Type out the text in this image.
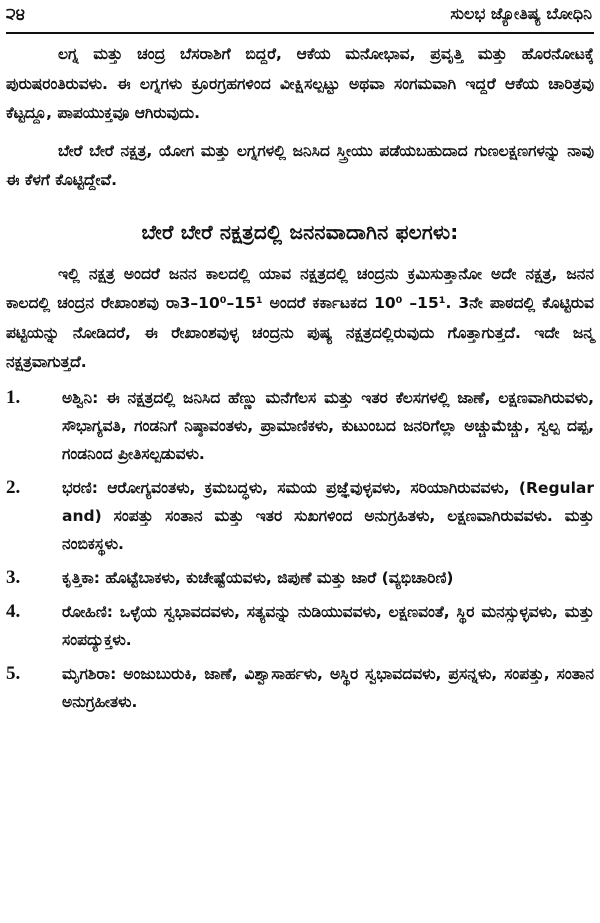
੨੪	ಸುಲಭ ಜ್ಯೋತಿಷ್ಯ ಬೋಧಿನಿ

ಲಗ್ನ ಮತ್ತು ಚಂದ್ರ ಬೆಸರಾಶಿಗೆ ಬಿದ್ದರೆ, ಆಕೆಯ ಮನೋಭಾವ, ಪ್ರವೃತ್ತಿ ಮತ್ತು ಹೊರನೋಟಕ್ಕೆ ಪುರುಷರಂತಿರುವಳು. ಈ ಲಗ್ನಗಳು ಕ್ರೂರಗ್ರಹಗಳಿಂದ ವೀಕ್ಷಿಸಲ್ಪಟ್ಟು ಅಥವಾ ಸಂಗಮವಾಗಿ ಇದ್ದರೆ ಆಕೆಯ ಚಾರಿತ್ರವು ಕೆಟ್ಟದ್ದೂ, ಪಾಪಯುಕ್ತವೂ ಆಗಿರುವುದು.

ಬೇರೆ ಬೇರೆ ನಕ್ಷತ್ರ, ಯೋಗ ಮತ್ತು ಲಗ್ನಗಳಲ್ಲಿ ಜನಿಸಿದ ಸ್ತ್ರೀಯು ಪಡೆಯಬಹುದಾದ ಗುಣಲಕ್ಷಣಗಳನ್ನು ನಾವು ಈ ಕೆಳಗೆ ಕೊಟ್ಟಿದ್ದೇವೆ.

ಬೇರೆ ಬೇರೆ ನಕ್ಷತ್ರದಲ್ಲಿ ಜನನವಾದಾಗಿನ ಫಲಗಳು:

ಇಲ್ಲಿ ನಕ್ಷತ್ರ ಅಂದರೆ ಜನನ ಕಾಲದಲ್ಲಿ ಯಾವ ನಕ್ಷತ್ರದಲ್ಲಿ ಚಂದ್ರನು ಕ್ರಮಿಸುತ್ತಾನೋ ಅದೇ ನಕ್ಷತ್ರ, ಜನನ ಕಾಲದಲ್ಲಿ ಚಂದ್ರನ ರೇಖಾಂಶವು ರಾ3–10⁰–15¹ ಅಂದರೆ ಕರ್ಕಾಟಕದ 10⁰ –15¹. 3ನೇ ಪಾಠದಲ್ಲಿ ಕೊಟ್ಟಿರುವ ಪಟ್ಟಿಯನ್ನು ನೋಡಿದರೆ, ಈ ರೇಖಾಂಶವುಳ್ಳ ಚಂದ್ರನು ಪುಷ್ಯ ನಕ್ಷತ್ರದಲ್ಲಿರುವುದು ಗೊತ್ತಾಗುತ್ತದೆ. ಇದೇ ಜನ್ಮ ನಕ್ಷತ್ರವಾಗುತ್ತದೆ.

1.	ಅಶ್ವಿನಿ: ಈ ನಕ್ಷತ್ರದಲ್ಲಿ ಜನಿಸಿದ ಹೆಣ್ಣು ಮನೆಗೆಲಸ ಮತ್ತು ಇತರ ಕೆಲಸಗಳಲ್ಲಿ ಜಾಣೆ, ಲಕ್ಷಣವಾಗಿರುವಳು, ಸೌಭಾಗ್ಯವತಿ, ಗಂಡನಿಗೆ ನಿಷ್ಠಾವಂತಳು, ಪ್ರಾಮಾಣಿಕಳು, ಕುಟುಂಬದ ಜನರಿಗೆಲ್ಲಾ ಅಚ್ಚುಮೆಚ್ಚು, ಸ್ವಲ್ಪ ದಪ್ಪ, ಗಂಡನಿಂದ ಪ್ರೀತಿಸಲ್ಪಡುವಳು.
2.	ಭರಣಿ: ಆರೋಗ್ಯವಂತಳು, ಕ್ರಮಬದ್ಧಳು, ಸಮಯ ಪ್ರಜ್ಞೆವುಳ್ಳವಳು, ಸರಿಯಾಗಿರುವವಳು, (Regular and) ಸಂಪತ್ತು ಸಂತಾನ ಮತ್ತು ಇತರ ಸುಖಗಳಿಂದ ಅನುಗ್ರಹಿತಳು, ಲಕ್ಷಣವಾಗಿರುವವಳು. ಮತ್ತು ನಂಬಿಕಸ್ಥಳು.
3.	ಕೃತ್ತಿಕಾ: ಹೊಟ್ಟೆಬಾಕಳು, ಕುಚೇಷ್ಟೆಯವಳು, ಜಿಪುಣೆ ಮತ್ತು ಜಾರೆ (ವ್ಯಭಿಚಾರಿಣಿ)
4.	ರೋಹಿಣಿ: ಒಳ್ಳೆಯ ಸ್ವಭಾವದವಳು, ಸತ್ಯವನ್ನು ನುಡಿಯುವವಳು, ಲಕ್ಷಣವಂತೆ, ಸ್ಥಿರ ಮನಸ್ಸುಳ್ಳವಳು, ಮತ್ತು ಸಂಪದ್ಯುಕ್ತಳು.
5.	ಮೃಗಶಿರಾ: ಅಂಜುಬುರುಕಿ, ಜಾಣೆ, ವಿಶ್ವಾಸಾರ್ಹಳು, ಅಸ್ಥಿರ ಸ್ವಭಾವದವಳು, ಪ್ರಸನ್ನಳು, ಸಂಪತ್ತು, ಸಂತಾನ ಅನುಗ್ರಹೀತಳು.
